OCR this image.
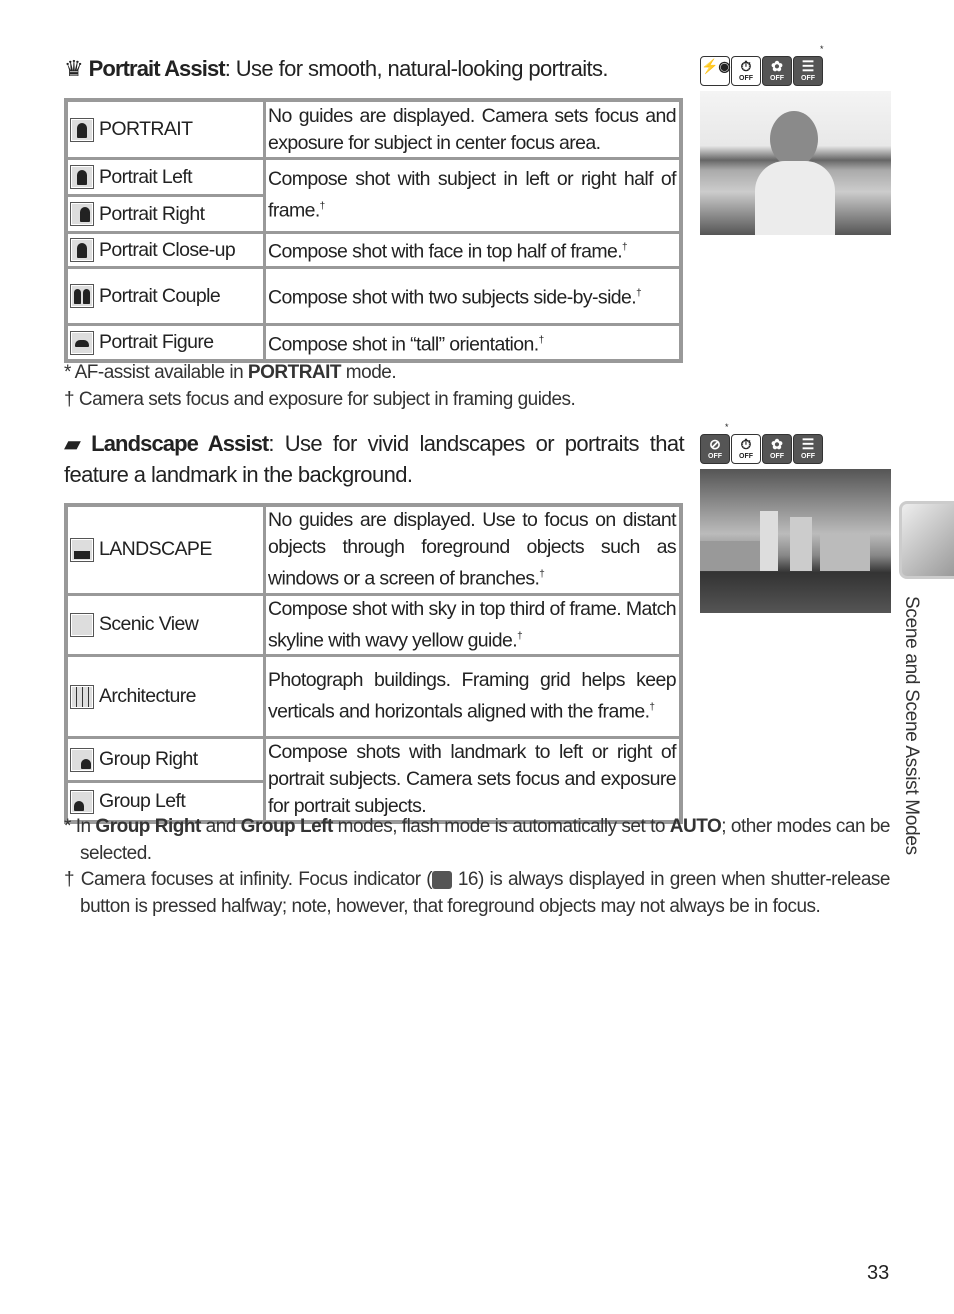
♛ Portrait Assist: Use for smooth, natural-looking portraits.
*
⚡◉ ⏱
OFF
✿
OFF
☰
OFF
PORTRAIT	No guides are displayed. Camera sets focus and exposure for subject in center focus area.

Portrait Left	Compose shot with subject in left or right half of frame.†

Portrait Right	

Portrait Close-up	Compose shot with face in top half of frame.†

Portrait Couple	Compose shot with two subjects side-by-side.†

Portrait Figure	Compose shot in “tall” orientation.†
* AF-assist available in PORTRAIT mode.
† Camera sets focus and exposure for subject in framing guides.
▰ Landscape Assist: Use for vivid landscapes or portraits that feature a landmark in the background.
*
⊘
OFF
⏱
OFF
✿
OFF
☰
OFF
Scene and Scene Assist Modes
LANDSCAPE	No guides are displayed. Use to focus on distant objects through foreground objects such as windows or a screen of branches.†
Scenic View	Compose shot with sky in top third of frame. Match skyline with wavy yellow guide.†
Architecture	Photograph buildings. Framing grid helps keep verticals and horizontals aligned with the frame.†

Group Right	Compose shots with landmark to left or right of portrait subjects. Camera sets focus and exposure for portrait subjects.

Group Left	
* In Group Right and Group Left modes, flash mode is automatically set to AUTO; other modes can be selected.
† Camera focuses at infinity. Focus indicator ( 16) is always displayed in green when shutter-release button is pressed halfway; note, however, that foreground objects may not always be in focus.
33
